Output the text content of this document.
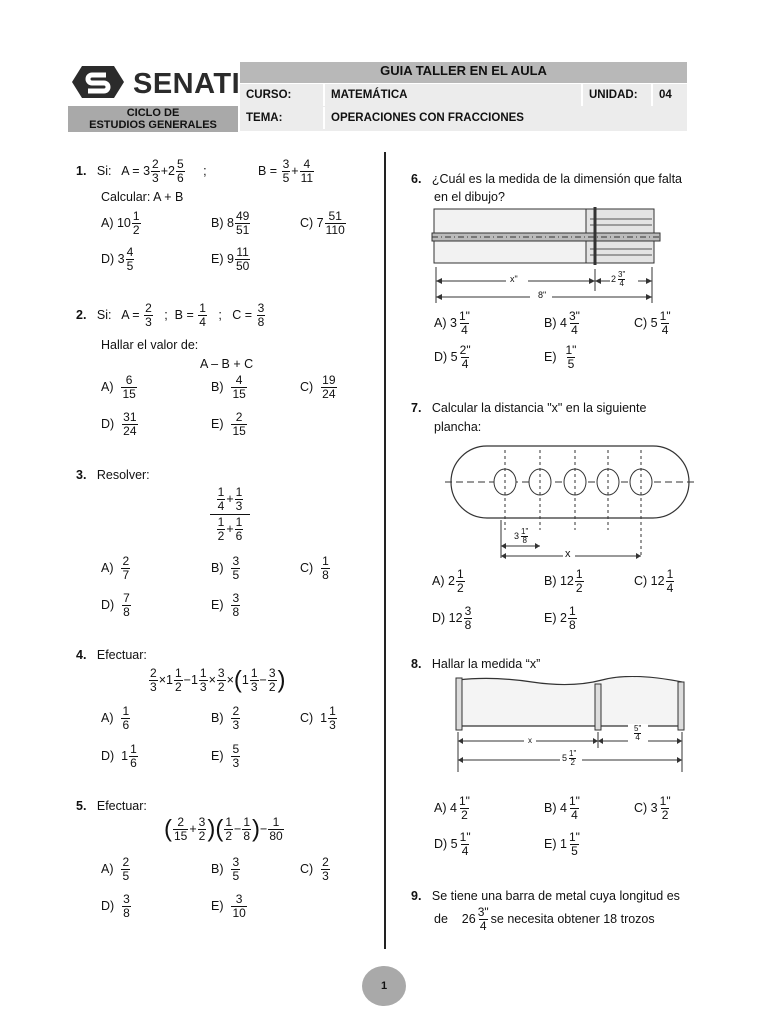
SENATI
CICLO DE
ESTUDIOS GENERALES
GUIA TALLER EN EL AULA
CURSO:	MATEMÁTICA	UNIDAD:	04
TEMA:	OPERACIONES CON FRACCIONES
1. Si: $A = 3 \frac{2}{3} +2 \frac{5}{6}$ ;	$B = \frac{3}{5} + \frac{4}{11}$
Calcular: A + B
A) $10 \frac{1}{2}$	B) $8 \frac{49}{51}$	C) $7 \frac{51}{110}$
D) $3 \frac{4}{5}$	E) $9 \frac{11}{50}$
2. Si: $A = \frac{2}{3}$ ; $B = \frac{1}{4}$ ; $C = \frac{3}{8}$
Hallar el valor de:
A – B + C
$A) \frac{6}{15}$	$B) \frac{4}{15}$	$C) \frac{19}{24}$
$D) \frac{31}{24}$	$E) \frac{2}{15}$
3. Resolver:
$\frac{\frac{1}{4} + \frac{1}{3}}{\frac{1}{2} + \frac{1}{6}}$
$A) \frac{2}{7}$	$B) \frac{3}{5}$	$C) \frac{1}{8}$
$D) \frac{7}{8}$	$E) \frac{3}{8}$
4. Efectuar:
$\frac{2}{3} \times 1 \frac{1}{2} -1 \frac{1}{3} \times \frac{3}{2} \times(1 \frac{1}{3} - \frac{3}{2}$ )
$A) \frac{1}{6}$	$B) \frac{2}{3}$	C)  $1 \frac{1}{3}$
D)  $1 \frac{1}{6}$	$E) \frac{5}{3}$
5. Efectuar:
( $\frac{2}{15} + \frac{3}{2}$ )( $\frac{1}{2} - \frac{1}{8}$ )− $\frac{1}{80}$
$A) \frac{2}{5}$	$B) \frac{3}{5}$	$C) \frac{2}{3}$
$D) \frac{3}{8}$	$E) \frac{3}{10}$
6. ¿Cuál es la medida de la dimensión que falta
en el dibujo?
x"	$2 \frac{3"}{4}$
8"
A) $3 \frac{1"}{4}$	B) $4 \frac{3"}{4}$	C) $5 \frac{1"}{4}$
D) $5 \frac{2"}{4}$	$E) \frac{1"}{5}$
7. Calcular la distancia "x" en la siguiente
plancha:
$3 \frac{1"}{8}$
x
A) $2 \frac{1}{2}$	B) $12 \frac{1}{2}$	C) $12 \frac{1}{4}$
D) $12 \frac{3}{8}$	E) $2 \frac{1}{8}$
8. Hallar la medida “x”
x	$\frac{5"}{4}$
$5 \frac{1"}{2}$
A) $4 \frac{1"}{2}$	B) $4 \frac{1"}{4}$	C) $3 \frac{1"}{2}$
D) $5 \frac{1"}{4}$	E) $1 \frac{1"}{5}$
9. Se tiene una barra de metal cuya longitud es
de    $26 \frac{3"}{4}$ se necesita obtener 18 trozos
1
